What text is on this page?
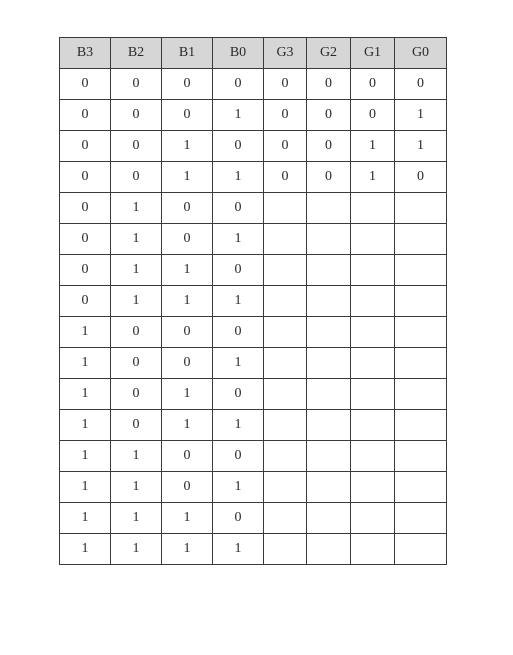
B3	B2	B1	B0	G3	G2	G1	G0
0	0	0	0	0	0	0	0
0	0	0	1	0	0	0	1
0	0	1	0	0	0	1	1
0	0	1	1	0	0	1	0
0	1	0	0				
0	1	0	1				
0	1	1	0				
0	1	1	1				
1	0	0	0				
1	0	0	1				
1	0	1	0				
1	0	1	1				
1	1	0	0				
1	1	0	1				
1	1	1	0				
1	1	1	1				
